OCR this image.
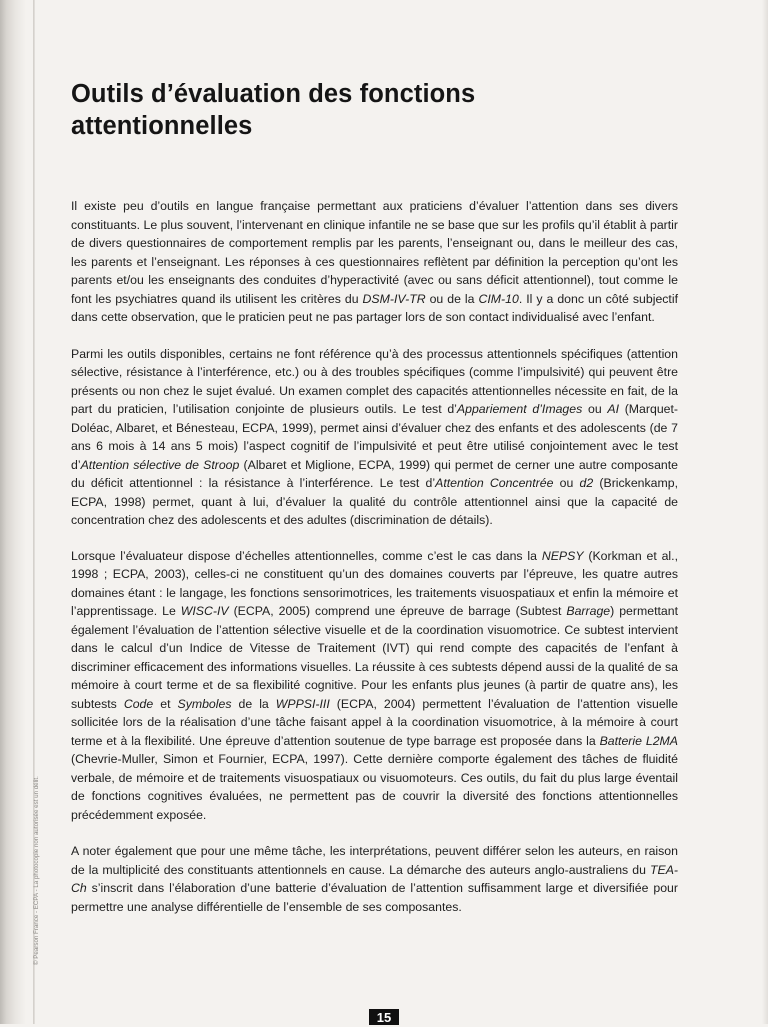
Outils d’évaluation des fonctions attentionnelles

Il existe peu d’outils en langue française permettant aux praticiens d’évaluer l’attention dans ses divers constituants. Le plus souvent, l’intervenant en clinique infantile ne se base que sur les profils qu’il établit à partir de divers questionnaires de comportement remplis par les parents, l’enseignant ou, dans le meilleur des cas, les parents et l’enseignant. Les réponses à ces questionnaires reflètent par définition la perception qu’ont les parents et/ou les enseignants des conduites d’hyperactivité (avec ou sans déficit attentionnel), tout comme le font les psychiatres quand ils utilisent les critères du DSM-IV-TR ou de la CIM-10. Il y a donc un côté subjectif dans cette observation, que le praticien peut ne pas partager lors de son contact individualisé avec l’enfant.

Parmi les outils disponibles, certains ne font référence qu’à des processus attentionnels spécifiques (attention sélective, résistance à l’interférence, etc.) ou à des troubles spécifiques (comme l’impulsivité) qui peuvent être présents ou non chez le sujet évalué. Un examen complet des capacités attentionnelles nécessite en fait, de la part du praticien, l’utilisation conjointe de plusieurs outils. Le test d’Appariement d’Images ou AI (Marquet-Doléac, Albaret, et Bénesteau, ECPA, 1999), permet ainsi d’évaluer chez des enfants et des adolescents (de 7 ans 6 mois à 14 ans 5 mois) l’aspect cognitif de l’impulsivité et peut être utilisé conjointement avec le test d’Attention sélective de Stroop (Albaret et Miglione, ECPA, 1999) qui permet de cerner une autre composante du déficit attentionnel : la résistance à l’interférence. Le test d’Attention Concentrée ou d2 (Brickenkamp, ECPA, 1998) permet, quant à lui, d’évaluer la qualité du contrôle attentionnel ainsi que la capacité de concentration chez des adolescents et des adultes (discrimination de détails).

Lorsque l’évaluateur dispose d’échelles attentionnelles, comme c’est le cas dans la NEPSY (Korkman et al., 1998 ; ECPA, 2003), celles-ci ne constituent qu’un des domaines couverts par l’épreuve, les quatre autres domaines étant : le langage, les fonctions sensorimotrices, les traitements visuospatiaux et enfin la mémoire et l’apprentissage. Le WISC-IV (ECPA, 2005) comprend une épreuve de barrage (Subtest Barrage) permettant également l’évaluation de l’attention sélective visuelle et de la coordination visuomotrice. Ce subtest intervient dans le calcul d’un Indice de Vitesse de Traitement (IVT) qui rend compte des capacités de l’enfant à discriminer efficacement des informations visuelles. La réussite à ces subtests dépend aussi de la qualité de sa mémoire à court terme et de sa flexibilité cognitive. Pour les enfants plus jeunes (à partir de quatre ans), les subtests Code et Symboles de la WPPSI-III (ECPA, 2004) permettent l’évaluation de l’attention visuelle sollicitée lors de la réalisation d’une tâche faisant appel à la coordination visuomotrice, à la mémoire à court terme et à la flexibilité. Une épreuve d’attention soutenue de type barrage est proposée dans la Batterie L2MA (Chevrie-Muller, Simon et Fournier, ECPA, 1997). Cette dernière comporte également des tâches de fluidité verbale, de mémoire et de traitements visuospatiaux ou visuomoteurs. Ces outils, du fait du plus large éventail de fonctions cognitives évaluées, ne permettent pas de couvrir la diversité des fonctions attentionnelles précédemment exposée.

A noter également que pour une même tâche, les interprétations, peuvent différer selon les auteurs, en raison de la multiplicité des constituants attentionnels en cause. La démarche des auteurs anglo-australiens du TEA-Ch s’inscrit dans l’élaboration d’une batterie d’évaluation de l’attention suffisamment large et diversifiée pour permettre une analyse différentielle de l’ensemble de ses composantes.

© Pearson France - ECPA - La photocopie non autorisée est un délit.
15
